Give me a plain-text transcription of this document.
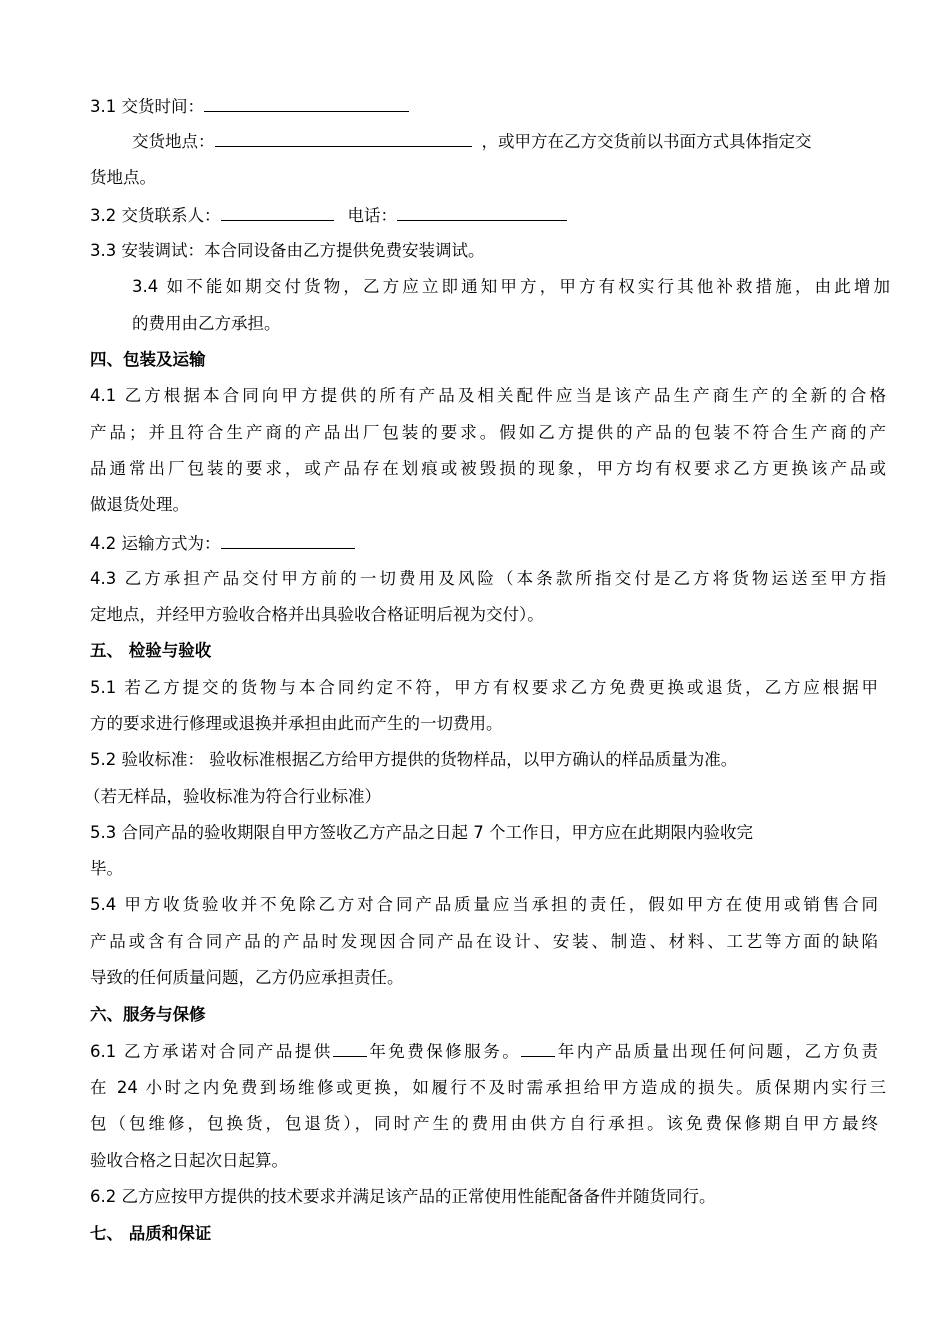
3.1 交货时间：
交货地点：	，或甲方在乙方交货前以书面方式具体指定交
货地点。
3.2 交货联系人：	电话：
3.3 安装调试：本合同设备由乙方提供免费安装调试。
3.4 如不能如期交付货物，乙方应立即通知甲方，甲方有权实行其他补救措施，由此增加
的费用由乙方承担。
四、包装及运输
4.1 乙方根据本合同向甲方提供的所有产品及相关配件应当是该产品生产商生产的全新的合格
产品；并且符合生产商的产品出厂包装的要求。假如乙方提供的产品的包装不符合生产商的产
品通常出厂包装的要求，或产品存在划痕或被毁损的现象，甲方均有权要求乙方更换该产品或
做退货处理。
4.2 运输方式为：
4.3 乙方承担产品交付甲方前的一切费用及风险（本条款所指交付是乙方将货物运送至甲方指
定地点，并经甲方验收合格并出具验收合格证明后视为交付）。
五、 检验与验收
5.1 若乙方提交的货物与本合同约定不符，甲方有权要求乙方免费更换或退货，乙方应根据甲
方的要求进行修理或退换并承担由此而产生的一切费用。
5.2 验收标准： 验收标准根据乙方给甲方提供的货物样品，以甲方确认的样品质量为准。
（若无样品，验收标准为符合行业标准）
5.3 合同产品的验收期限自甲方签收乙方产品之日起 7 个工作日，甲方应在此期限内验收完
毕。
5.4 甲方收货验收并不免除乙方对合同产品质量应当承担的责任，假如甲方在使用或销售合同
产品或含有合同产品的产品时发现因合同产品在设计、安装、制造、材料、工艺等方面的缺陷
导致的任何质量问题，乙方仍应承担责任。
六、服务与保修
6.1 乙方承诺对合同产品提供 年免费保修服务。 年内产品质量出现任何问题，乙方负责
在 24 小时之内免费到场维修或更换，如履行不及时需承担给甲方造成的损失。质保期内实行三
包（包维修，包换货，包退货），同时产生的费用由供方自行承担。该免费保修期自甲方最终
验收合格之日起次日起算。
6.2 乙方应按甲方提供的技术要求并满足该产品的正常使用性能配备备件并随货同行。
七、 品质和保证
